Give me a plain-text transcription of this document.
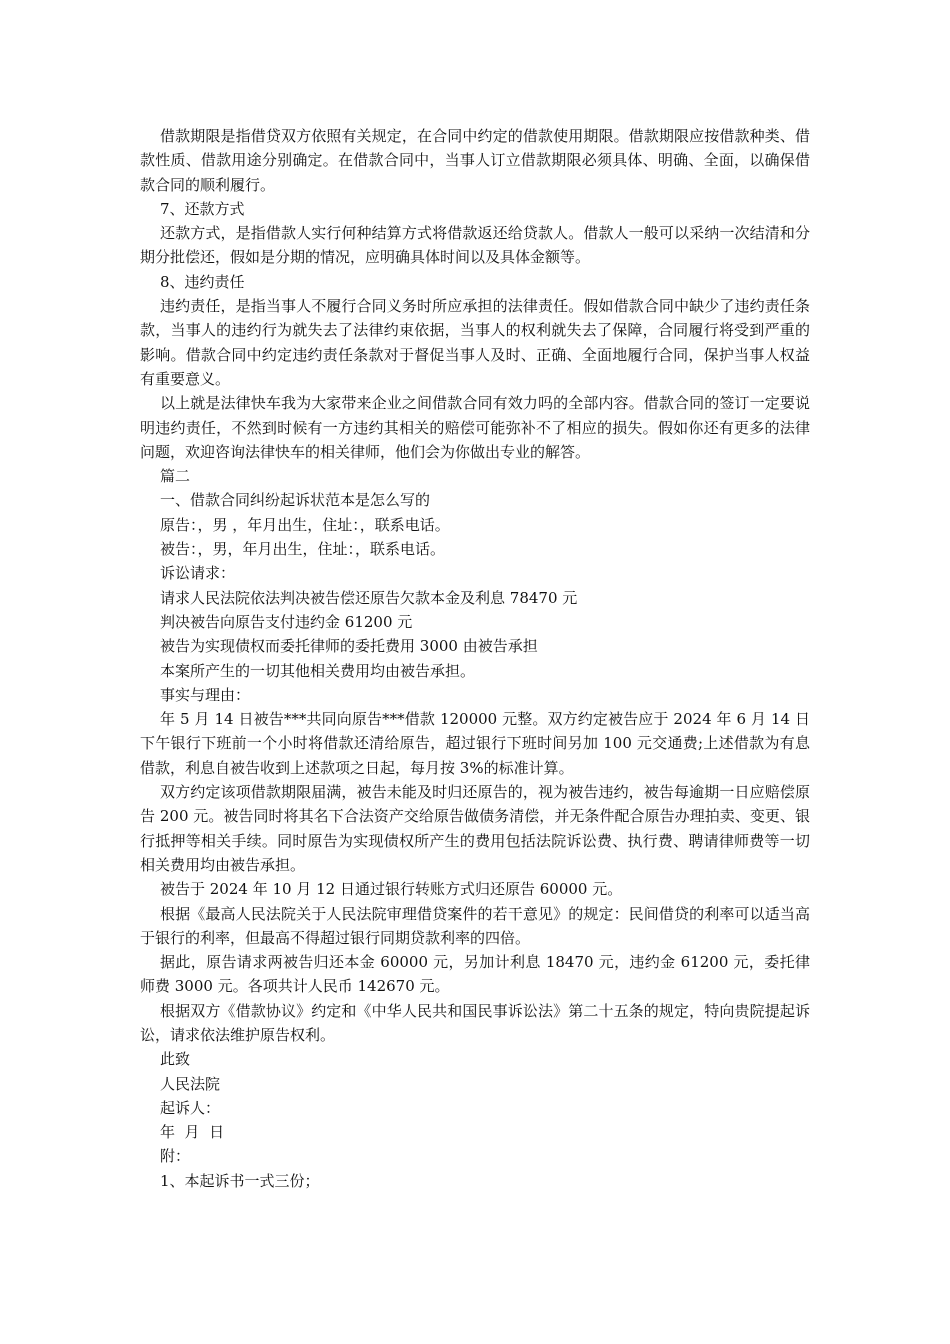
借款期限是指借贷双方依照有关规定，在合同中约定的借款使用期限。借款期限应按借款种类、借款性质、借款用途分别确定。在借款合同中，当事人订立借款期限必须具体、明确、全面，以确保借款合同的顺利履行。

7、还款方式

还款方式，是指借款人实行何种结算方式将借款返还给贷款人。借款人一般可以采纳一次结清和分期分批偿还，假如是分期的情况，应明确具体时间以及具体金额等。

8、违约责任

违约责任，是指当事人不履行合同义务时所应承担的法律责任。假如借款合同中缺少了违约责任条款，当事人的违约行为就失去了法律约束依据，当事人的权利就失去了保障，合同履行将受到严重的影响。借款合同中约定违约责任条款对于督促当事人及时、正确、全面地履行合同，保护当事人权益有重要意义。

以上就是法律快车我为大家带来企业之间借款合同有效力吗的全部内容。借款合同的签订一定要说明违约责任，不然到时候有一方违约其相关的赔偿可能弥补不了相应的损失。假如你还有更多的法律问题，欢迎咨询法律快车的相关律师，他们会为你做出专业的解答。

篇二

一、借款合同纠纷起诉状范本是怎么写的

原告：，男 ，年月出生，住址：，联系电话。

被告：，男，年月出生，住址：，联系电话。

诉讼请求：

请求人民法院依法判决被告偿还原告欠款本金及利息 78470 元

判决被告向原告支付违约金 61200 元

被告为实现债权而委托律师的委托费用 3000 由被告承担

本案所产生的一切其他相关费用均由被告承担。

事实与理由：

年 5 月 14 日被告***共同向原告***借款 120000 元整。双方约定被告应于 2024 年 6 月 14 日下午银行下班前一个小时将借款还清给原告，超过银行下班时间另加 100 元交通费;上述借款为有息借款，利息自被告收到上述款项之日起，每月按 3%的标准计算。

双方约定该项借款期限届满，被告未能及时归还原告的，视为被告违约，被告每逾期一日应赔偿原告 200 元。被告同时将其名下合法资产交给原告做债务清偿，并无条件配合原告办理拍卖、变更、银行抵押等相关手续。同时原告为实现债权所产生的费用包括法院诉讼费、执行费、聘请律师费等一切相关费用均由被告承担。

被告于 2024 年 10 月 12 日通过银行转账方式归还原告 60000 元。

根据《最高人民法院关于人民法院审理借贷案件的若干意见》的规定：民间借贷的利率可以适当高于银行的利率，但最高不得超过银行同期贷款利率的四倍。

据此，原告请求两被告归还本金 60000 元，另加计利息 18470 元，违约金 61200 元，委托律师费 3000 元。各项共计人民币 142670 元。

根据双方《借款协议》约定和《中华人民共和国民事诉讼法》第二十五条的规定，特向贵院提起诉讼，请求依法维护原告权利。

此致

人民法院

起诉人：

年  月  日

附：

1、本起诉书一式三份；
